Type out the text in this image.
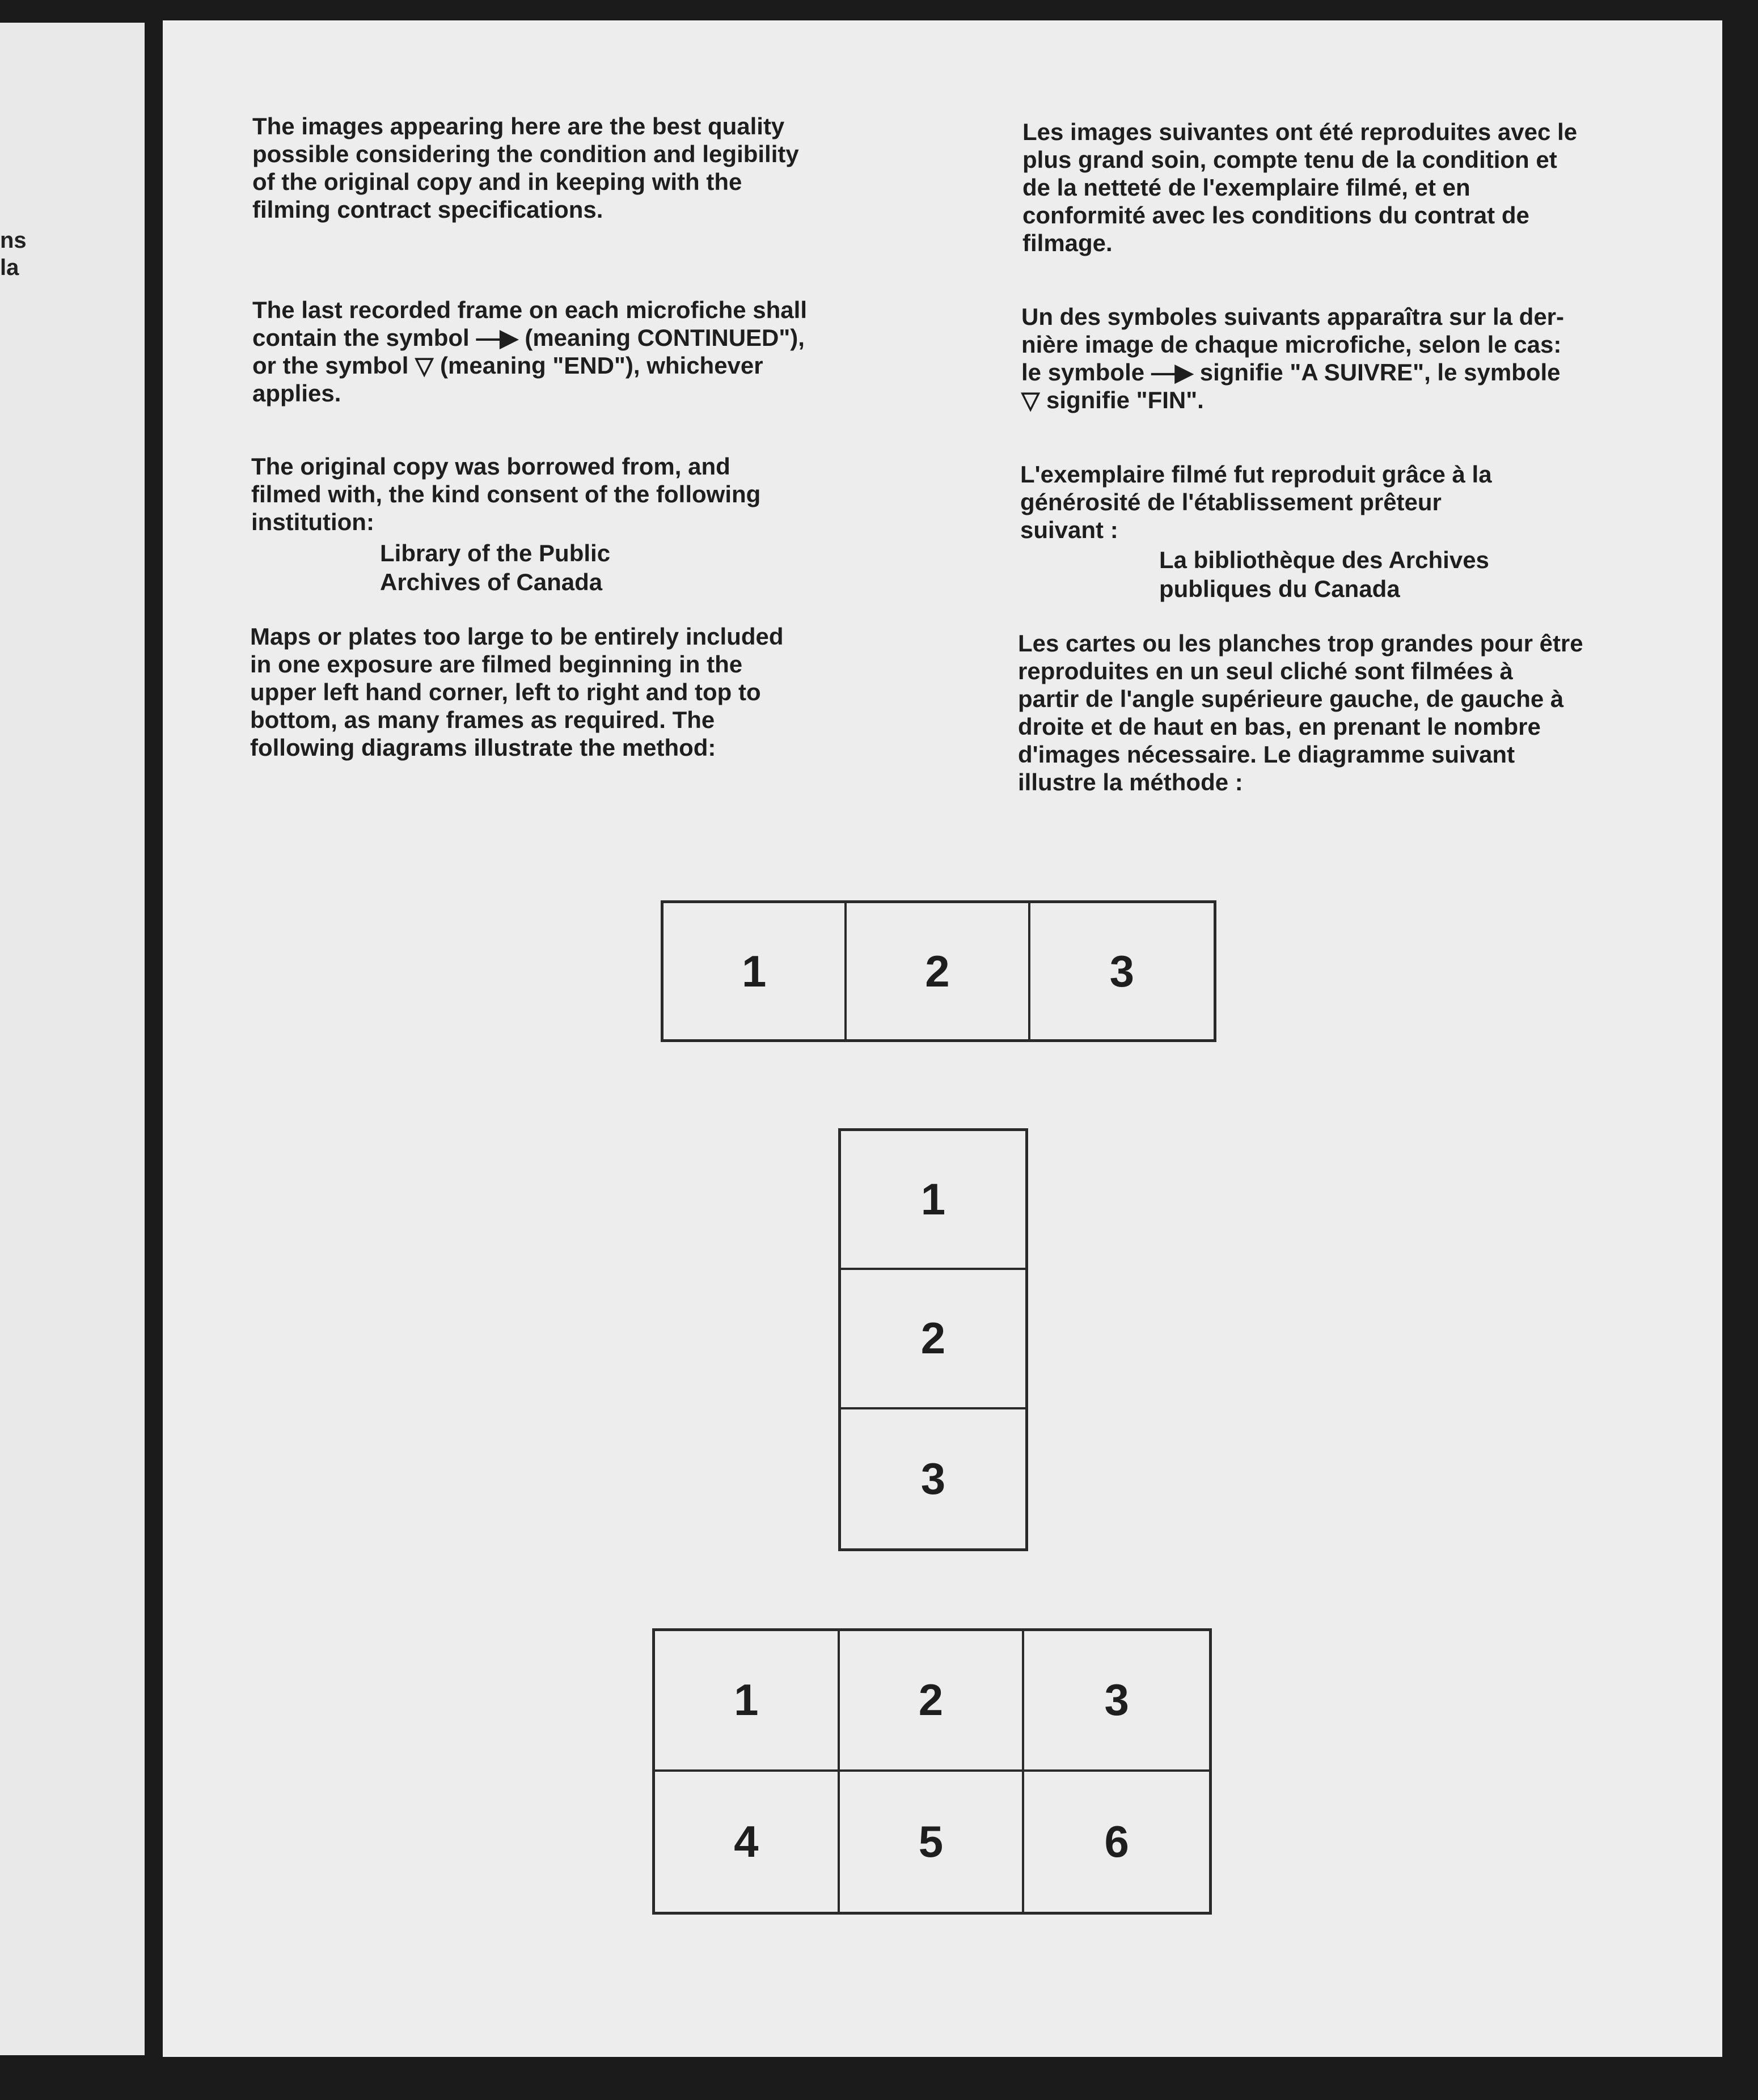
ns
la

The images appearing here are the best quality
possible considering the condition and legibility
of the original copy and in keeping with the
filming contract specifications.

The last recorded frame on each microfiche shall
contain the symbol —▶ (meaning CONTINUED"),
or the symbol ▽ (meaning "END"), whichever
applies.

The original copy was borrowed from, and
filmed with, the kind consent of the following
institution:

Library of the Public
Archives of Canada

Maps or plates too large to be entirely included
in one exposure are filmed beginning in the
upper left hand corner, left to right and top to
bottom, as many frames as required. The
following diagrams illustrate the method:

Les images suivantes ont été reproduites avec le
plus grand soin, compte tenu de la condition et
de la netteté de l'exemplaire filmé, et en
conformité avec les conditions du contrat de
filmage.

Un des symboles suivants apparaîtra sur la der-
nière image de chaque microfiche, selon le cas:
le symbole —▶ signifie "A SUIVRE", le symbole
▽ signifie "FIN".

L'exemplaire filmé fut reproduit grâce à la
générosité de l'établissement prêteur
suivant :

La bibliothèque des Archives
publiques du Canada

Les cartes ou les planches trop grandes pour être
reproduites en un seul cliché sont filmées à
partir de l'angle supérieure gauche, de gauche à
droite et de haut en bas, en prenant le nombre
d'images nécessaire. Le diagramme suivant
illustre la méthode :

1	2	3
1
2
3
1	2	3
4	5	6
